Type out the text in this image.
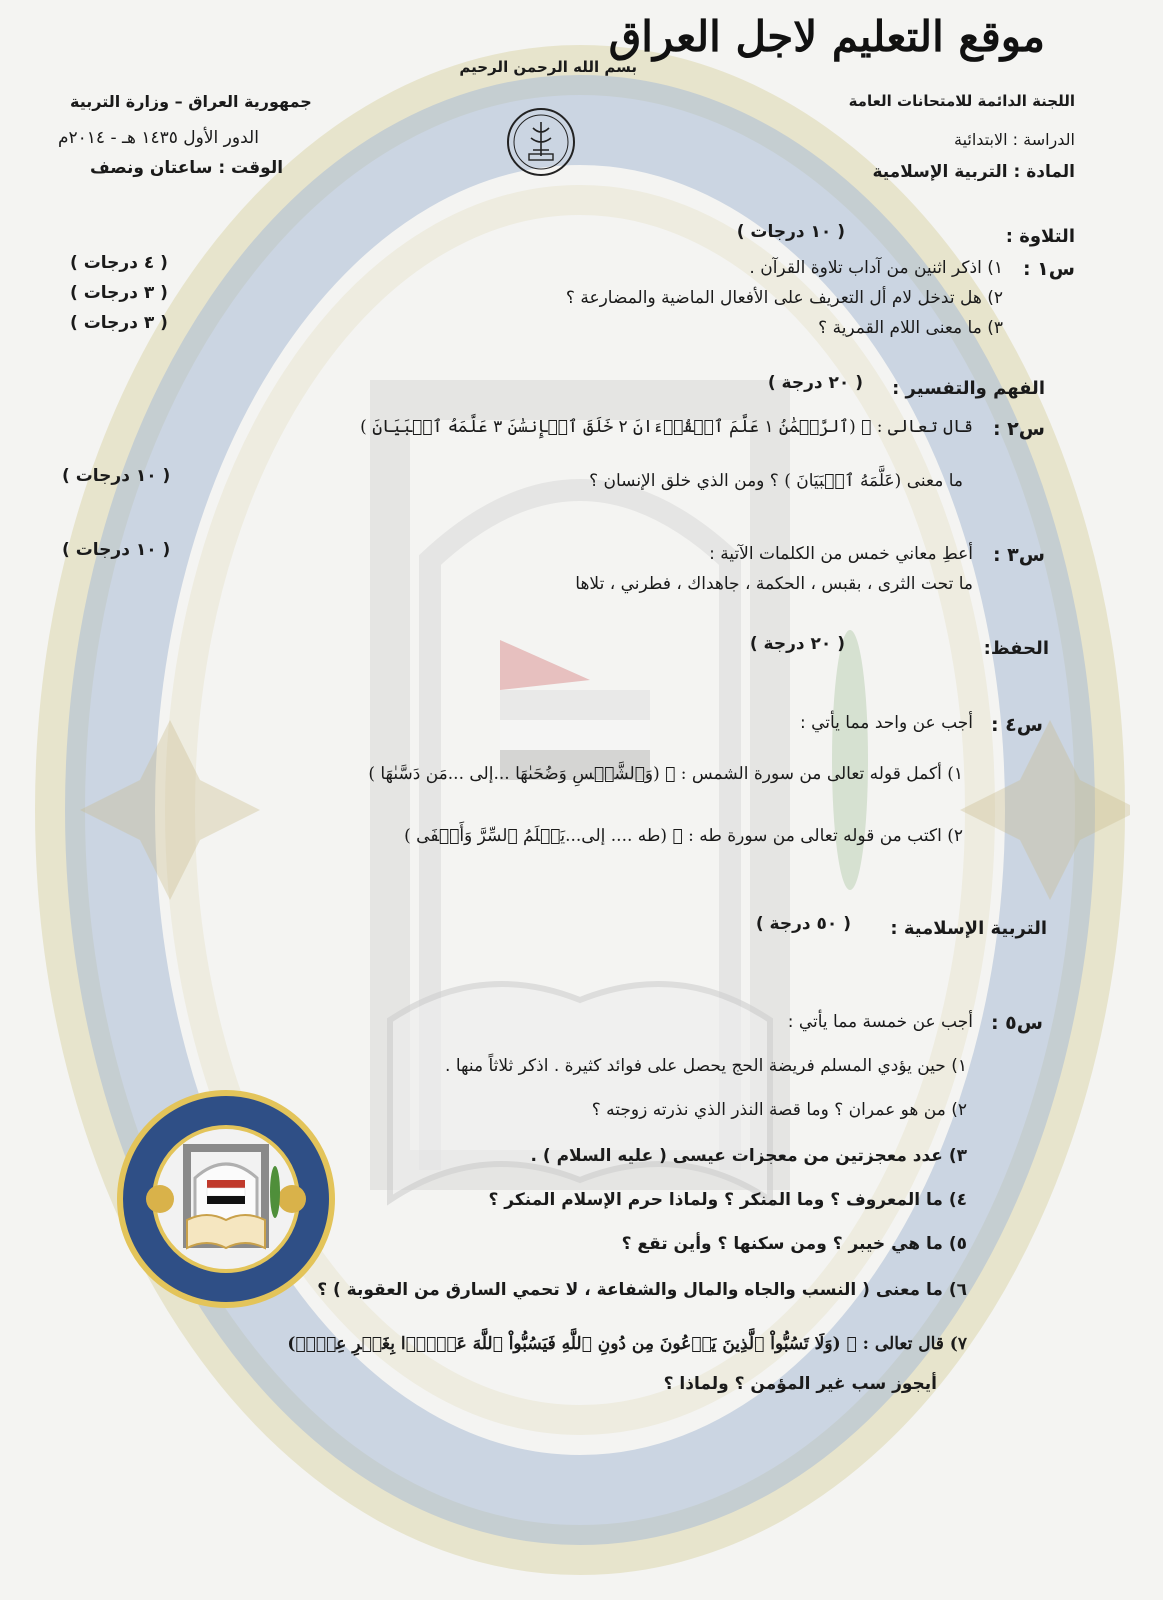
موقع التعليم لاجل العراق
بسم الله الرحمن الرحيم
اللجنة الدائمة للامتحانات العامة
الدراسة : الابتدائية
المادة : التربية الإسلامية
جمهورية العراق – وزارة التربية
الدور الأول ١٤٣٥ هـ - ٢٠١٤م
الوقت : ساعتان ونصف
التلاوة :
( ١٠ درجات )
س١ :
١) اذكر اثنين من آداب تلاوة القرآن .
( ٤ درجات )
٢) هل تدخل لام أل التعريف على الأفعال الماضية والمضارعة ؟
( ٣ درجات )
٣) ما معنى اللام القمرية ؟
( ٣ درجات )
الفهم والتفسير :
( ٢٠ درجة )
س٢ :
قال تعالى : ﷽ (ٱلرَّحۡمَٰنُ ١ عَلَّمَ ٱلۡقُرۡءَانَ ٢ خَلَقَ ٱلۡإِنسَٰنَ ٣ عَلَّمَهُ ٱلۡبَيَانَ )
ما معنى (عَلَّمَهُ ٱلۡبَيَانَ ) ؟ ومن الذي خلق الإنسان ؟
( ١٠ درجات )
س٣ :
أعطِ معاني خمس من الكلمات الآتية :
ما تحت الثرى ، بقبس ، الحكمة ، جاهداك ، فطرني ، تلاها
( ١٠ درجات )
الحفظ:
( ٢٠ درجة )
س٤ :
أجب عن واحد مما يأتي :
١) أكمل قوله تعالى من سورة الشمس : ﷽ (وَٱلشَّمۡسِ وَضُحَىٰهَا ...إلى ...مَن دَسَّىٰهَا )
٢) اكتب من قوله تعالى من سورة طه : ﷽ (طه .... إلى...يَعۡلَمُ ٱلسِّرَّ وَأَخۡفَى )
التربية الإسلامية :
( ٥٠ درجة )
س٥ :
أجب عن خمسة مما يأتي :
١) حين يؤدي المسلم فريضة الحج يحصل على فوائد كثيرة . اذكر ثلاثاً منها .
٢) من هو عمران ؟ وما قصة النذر الذي نذرته زوجته ؟
٣) عدد معجزتين من معجزات عيسى ( عليه السلام ) .
٤) ما المعروف ؟ وما المنكر ؟ ولماذا حرم الإسلام المنكر ؟
٥) ما هي خيبر ؟ ومن سكنها ؟ وأين تقع ؟
٦) ما معنى ( النسب والجاه والمال والشفاعة ، لا تحمي السارق من العقوبة ) ؟
٧) قال تعالى : ﷽ (وَلَا تَسُبُّواْ ٱلَّذِينَ يَدۡعُونَ مِن دُونِ ٱللَّهِ فَيَسُبُّواْ ٱللَّهَ عَدۡوَۢا بِغَيۡرِ عِلۡمٖ)
أيجوز سب غير المؤمن ؟ ولماذا ؟
